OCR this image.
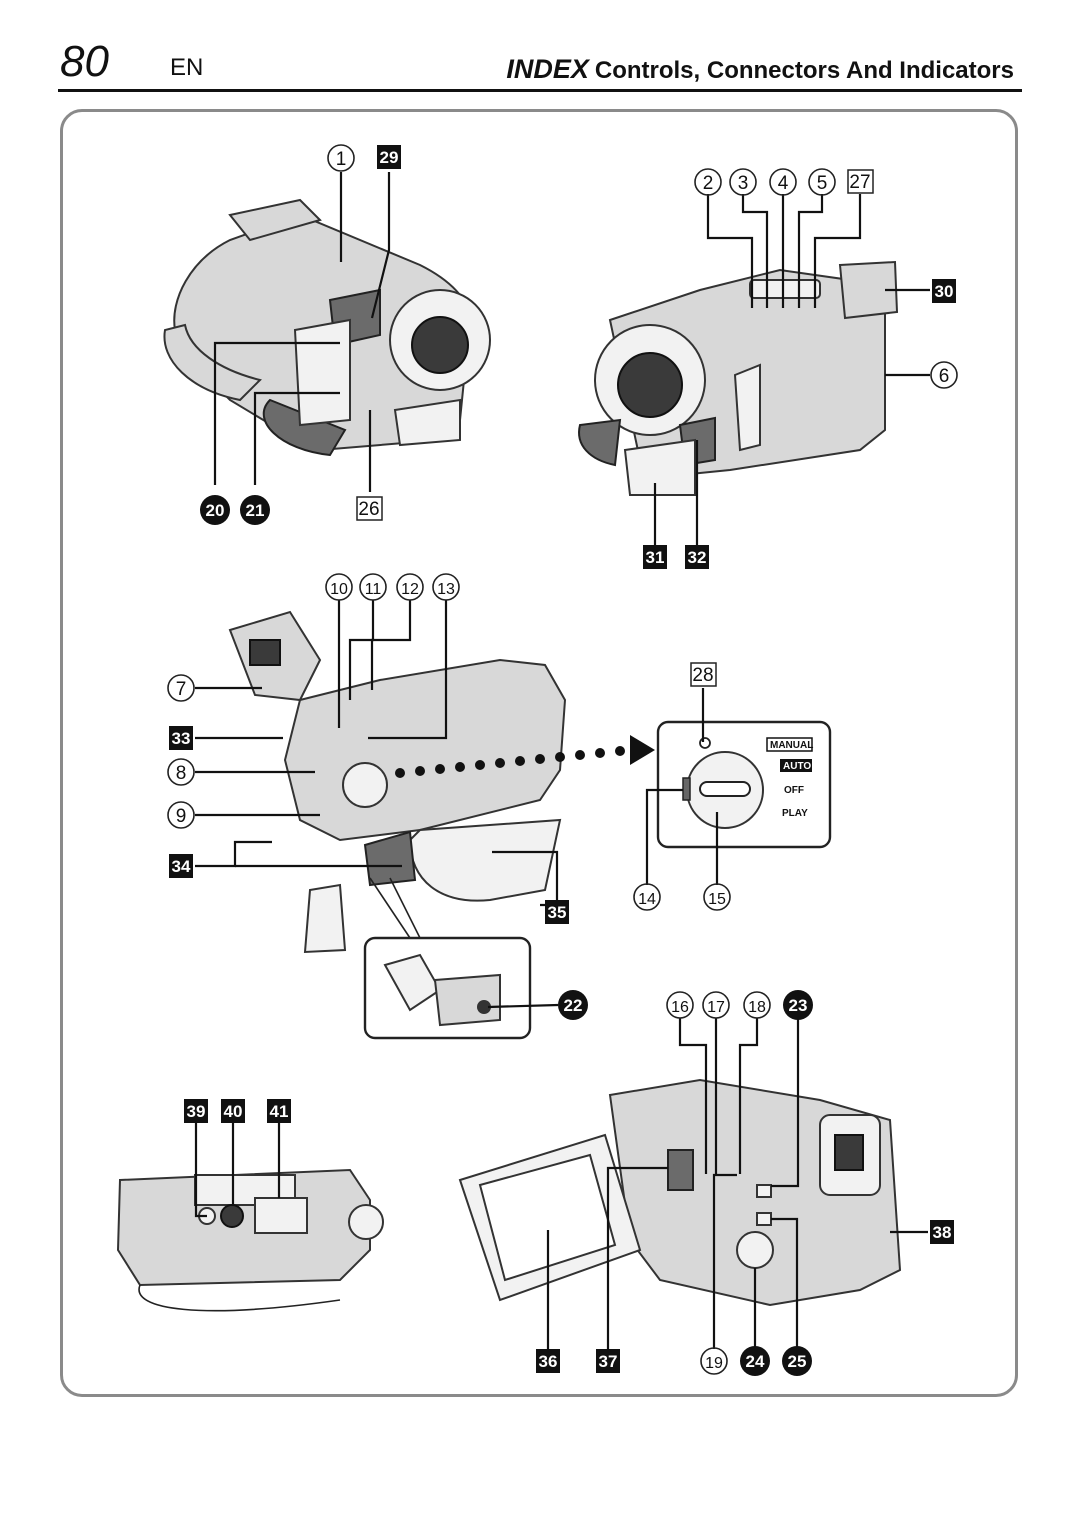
80	EN	INDEX Controls, Connectors And Indicators
MANUAL
AUTO
OFF
PLAY
1 29
20 21	26
2 3 4 5 27
30
6
31 32
10 11 12 13
7
33
8
9
34
35
28
14	15
22	16 17 18 23
39 40 41
38
36 37	19 24 25
